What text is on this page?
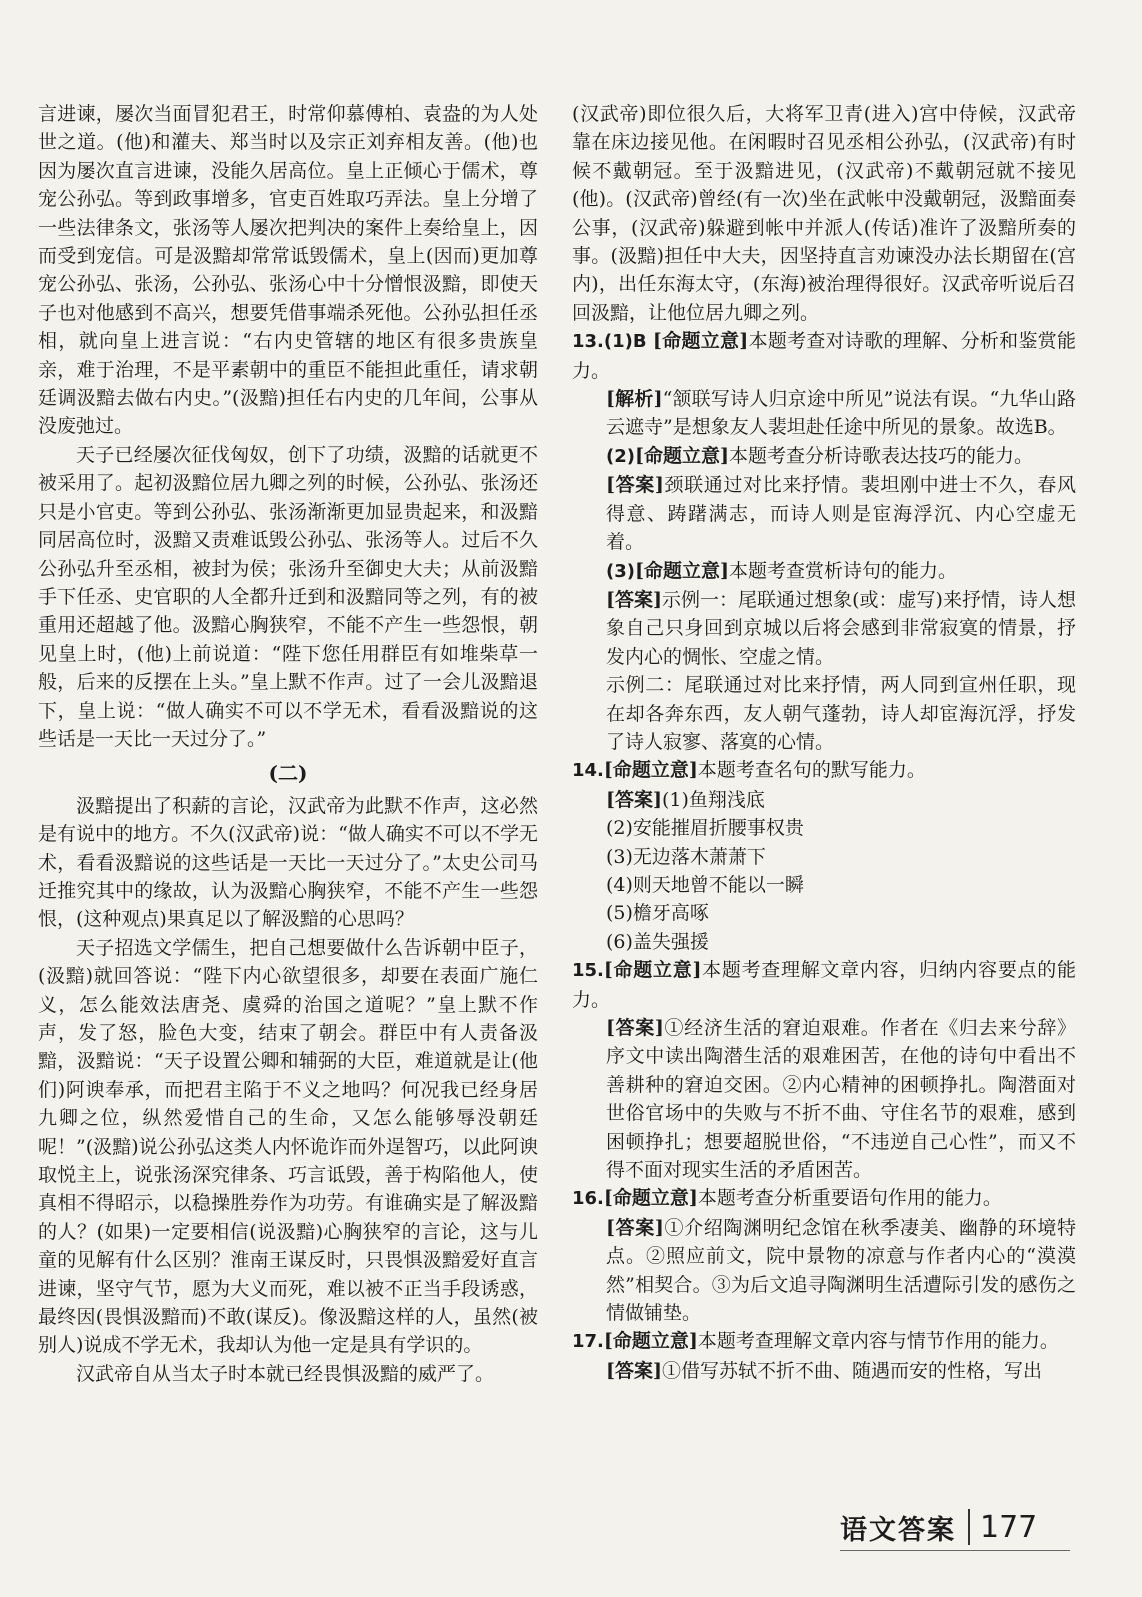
言进谏，屡次当面冒犯君王，时常仰慕傅柏、袁盎的为人处世之道。(他)和灌夫、郑当时以及宗正刘弃相友善。(他)也因为屡次直言进谏，没能久居高位。皇上正倾心于儒术，尊宠公孙弘。等到政事增多，官吏百姓取巧弄法。皇上分增了一些法律条文，张汤等人屡次把判决的案件上奏给皇上，因而受到宠信。可是汲黯却常常诋毁儒术，皇上(因而)更加尊宠公孙弘、张汤，公孙弘、张汤心中十分憎恨汲黯，即使天子也对他感到不高兴，想要凭借事端杀死他。公孙弘担任丞相，就向皇上进言说：“右内史管辖的地区有很多贵族皇亲，难于治理，不是平素朝中的重臣不能担此重任，请求朝廷调汲黯去做右内史。”(汲黯)担任右内史的几年间，公事从没废弛过。

天子已经屡次征伐匈奴，创下了功绩，汲黯的话就更不被采用了。起初汲黯位居九卿之列的时候，公孙弘、张汤还只是小官吏。等到公孙弘、张汤渐渐更加显贵起来，和汲黯同居高位时，汲黯又责难诋毁公孙弘、张汤等人。过后不久公孙弘升至丞相，被封为侯；张汤升至御史大夫；从前汲黯手下任丞、史官职的人全都升迁到和汲黯同等之列，有的被重用还超越了他。汲黯心胸狭窄，不能不产生一些怨恨，朝见皇上时，(他)上前说道：“陛下您任用群臣有如堆柴草一般，后来的反摆在上头。”皇上默不作声。过了一会儿汲黯退下，皇上说：“做人确实不可以不学无术，看看汲黯说的这些话是一天比一天过分了。”

(二)

汲黯提出了积薪的言论，汉武帝为此默不作声，这必然是有说中的地方。不久(汉武帝)说：“做人确实不可以不学无术，看看汲黯说的这些话是一天比一天过分了。”太史公司马迁推究其中的缘故，认为汲黯心胸狭窄，不能不产生一些怨恨，(这种观点)果真足以了解汲黯的心思吗？

天子招选文学儒生，把自己想要做什么告诉朝中臣子，(汲黯)就回答说：“陛下内心欲望很多，却要在表面广施仁义，怎么能效法唐尧、虞舜的治国之道呢？”皇上默不作声，发了怒，脸色大变，结束了朝会。群臣中有人责备汲黯，汲黯说：“天子设置公卿和辅弼的大臣，难道就是让(他们)阿谀奉承，而把君主陷于不义之地吗？何况我已经身居九卿之位，纵然爱惜自己的生命，又怎么能够辱没朝廷呢！”(汲黯)说公孙弘这类人内怀诡诈而外逞智巧，以此阿谀取悦主上，说张汤深究律条、巧言诋毁，善于构陷他人，使真相不得昭示，以稳操胜券作为功劳。有谁确实是了解汲黯的人？(如果)一定要相信(说汲黯)心胸狭窄的言论，这与儿童的见解有什么区别？淮南王谋反时，只畏惧汲黯爱好直言进谏，坚守气节，愿为大义而死，难以被不正当手段诱惑，最终因(畏惧汲黯而)不敢(谋反)。像汲黯这样的人，虽然(被别人)说成不学无术，我却认为他一定是具有学识的。

汉武帝自从当太子时本就已经畏惧汲黯的威严了。

(汉武帝)即位很久后，大将军卫青(进入)宫中侍候，汉武帝靠在床边接见他。在闲暇时召见丞相公孙弘，(汉武帝)有时候不戴朝冠。至于汲黯进见，(汉武帝)不戴朝冠就不接见(他)。(汉武帝)曾经(有一次)坐在武帐中没戴朝冠，汲黯面奏公事，(汉武帝)躲避到帐中并派人(传话)准许了汲黯所奏的事。(汲黯)担任中大夫，因坚持直言劝谏没办法长期留在(宫内)，出任东海太守，(东海)被治理得很好。汉武帝听说后召回汲黯，让他位居九卿之列。

13.(1)B [命题立意]本题考查对诗歌的理解、分析和鉴赏能力。

[解析]“颔联写诗人归京途中所见”说法有误。“九华山路云遮寺”是想象友人裴坦赴任途中所见的景象。故选B。

(2)[命题立意]本题考查分析诗歌表达技巧的能力。

[答案]颈联通过对比来抒情。裴坦刚中进士不久，春风得意、踌躇满志，而诗人则是宦海浮沉、内心空虚无着。

(3)[命题立意]本题考查赏析诗句的能力。

[答案]示例一：尾联通过想象(或：虚写)来抒情，诗人想象自己只身回到京城以后将会感到非常寂寞的情景，抒发内心的惆怅、空虚之情。

示例二：尾联通过对比来抒情，两人同到宣州任职，现在却各奔东西，友人朝气蓬勃，诗人却宦海沉浮，抒发了诗人寂寥、落寞的心情。

14.[命题立意]本题考查名句的默写能力。

[答案](1)鱼翔浅底

(2)安能摧眉折腰事权贵

(3)无边落木萧萧下

(4)则天地曾不能以一瞬

(5)檐牙高啄

(6)盖失强援

15.[命题立意]本题考查理解文章内容，归纳内容要点的能力。

[答案]①经济生活的窘迫艰难。作者在《归去来兮辞》序文中读出陶潜生活的艰难困苦，在他的诗句中看出不善耕种的窘迫交困。②内心精神的困顿挣扎。陶潜面对世俗官场中的失败与不折不曲、守住名节的艰难，感到困顿挣扎；想要超脱世俗，“不违逆自己心性”，而又不得不面对现实生活的矛盾困苦。

16.[命题立意]本题考查分析重要语句作用的能力。

[答案]①介绍陶渊明纪念馆在秋季凄美、幽静的环境特点。②照应前文，院中景物的凉意与作者内心的“漠漠然”相契合。③为后文追寻陶渊明生活遭际引发的感伤之情做铺垫。

17.[命题立意]本题考查理解文章内容与情节作用的能力。

[答案]①借写苏轼不折不曲、随遇而安的性格，写出

语文答案 177
